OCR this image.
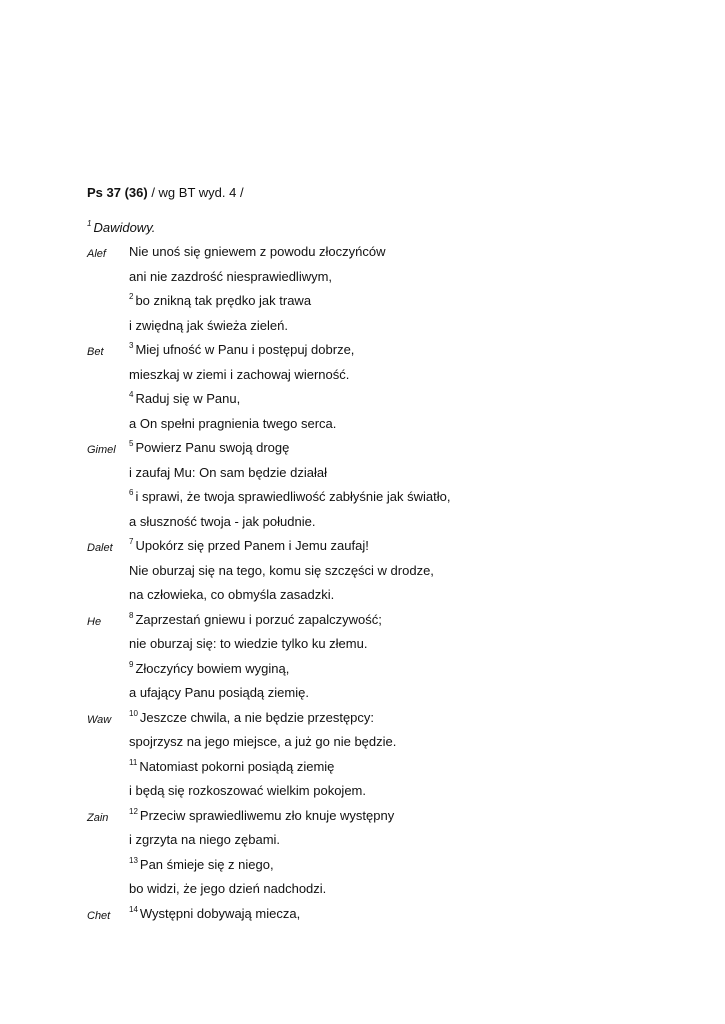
Ps 37 (36) / wg BT wyd. 4 /
$^1$ Dawidowy.
Alef Nie unoś się gniewem z powodu złoczyńców
ani nie zazdrość niesprawiedliwym,
$^2$ bo znikną tak prędko jak trawa
i zwiędną jak świeża zieleń.
Bet
$^3$ Miej ufność w Panu i postępuj dobrze,
mieszkaj w ziemi i zachowaj wierność.
$^4$ Raduj się w Panu,
a On spełni pragnienia twego serca.
Gimel
$^5$ Powierz Panu swoją drogę
i zaufaj Mu: On sam będzie działał
$^6$ i sprawi, że twoja sprawiedliwość zabłyśnie jak światło,
a słuszność twoja - jak południe.
Dalet
$^7$ Upokórz się przed Panem i Jemu zaufaj!
Nie oburzaj się na tego, komu się szczęści w drodze,
na człowieka, co obmyśla zasadzki.
He
$^8$ Zaprzestań gniewu i porzuć zapalczywość;
nie oburzaj się: to wiedzie tylko ku złemu.
$^9$ Złoczyńcy bowiem wyginą,
a ufający Panu posiądą ziemię.
Waw
$^{10}$ Jeszcze chwila, a nie będzie przestępcy:
spojrzysz na jego miejsce, a już go nie będzie.
$^{11}$ Natomiast pokorni posiądą ziemię
i będą się rozkoszować wielkim pokojem.
Zain
$^{12}$ Przeciw sprawiedliwemu zło knuje występny
i zgrzyta na niego zębami.
$^{13}$ Pan śmieje się z niego,
bo widzi, że jego dzień nadchodzi.
Chet
$^{14}$ Występni dobywają miecza,
